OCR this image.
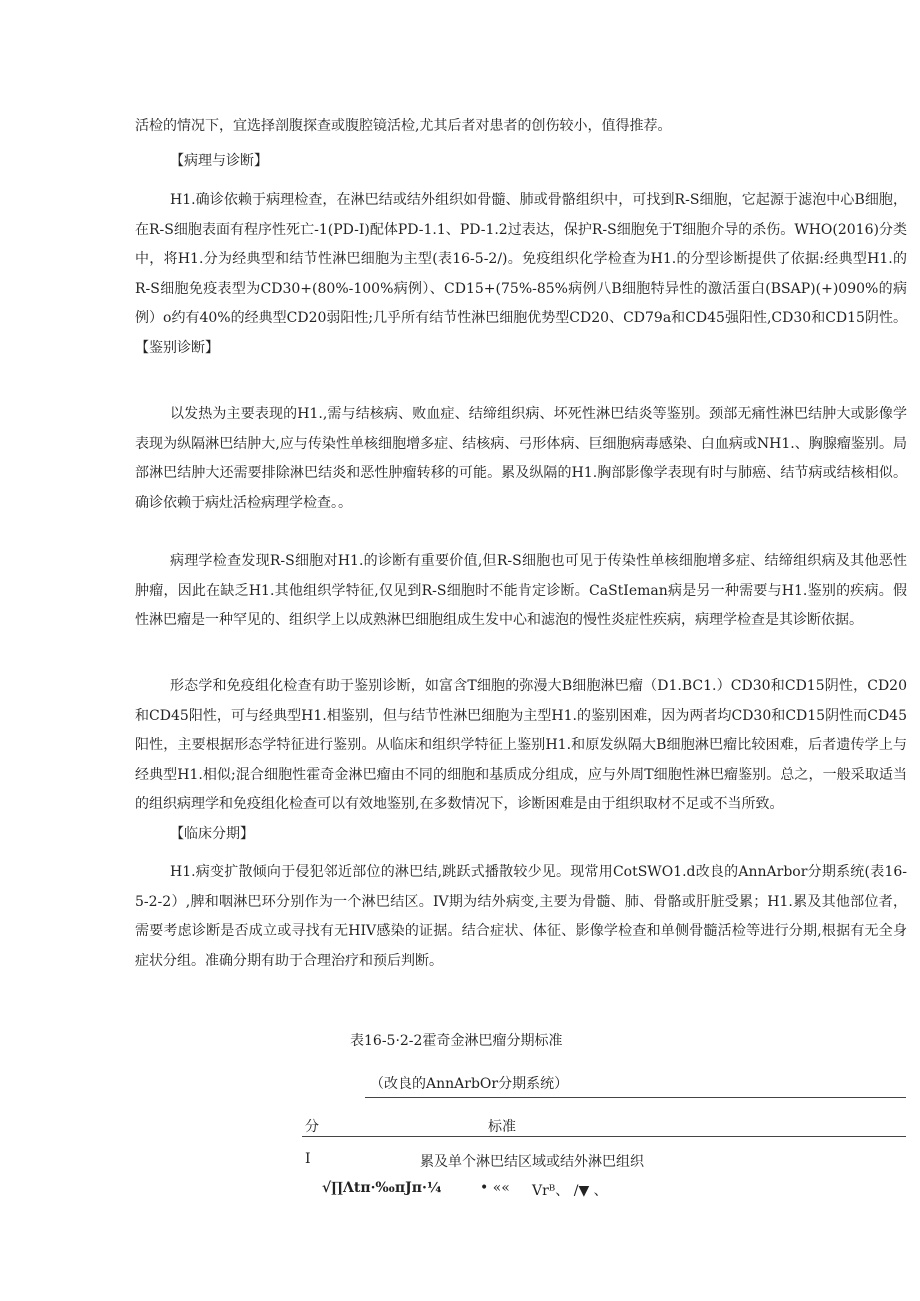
活检的情况下，宜选择剖腹探查或腹腔镜活检,尤其后者对患者的创伤较小，值得推荐。
【病理与诊断】
H1.确诊依赖于病理检查，在淋巴结或结外组织如骨髓、肺或骨骼组织中，可找到R-S细胞，它起源于滤泡中心B细胞，在R-S细胞表面有程序性死亡-1(PD-I)配体PD-1.1、PD-1.2过表达，保护R-S细胞免于T细胞介导的杀伤。WHO(2016)分类中，将H1.分为经典型和结节性淋巴细胞为主型(表16-5-2/)。免疫组织化学检查为H1.的分型诊断提供了依据:经典型H1.的R-S细胞免疫表型为CD30+(80%-100%病例）、CD15+(75%-85%病例八B细胞特异性的激活蛋白(BSAP)(+)090%的病例）o约有40%的经典型CD20弱阳性;几乎所有结节性淋巴细胞优势型CD20、CD79a和CD45强阳性,CD30和CD15阴性。【鉴别诊断】
以发热为主要表现的H1.,需与结核病、败血症、结缔组织病、坏死性淋巴结炎等鉴别。颈部无痛性淋巴结肿大或影像学表现为纵隔淋巴结肿大,应与传染性单核细胞增多症、结核病、弓形体病、巨细胞病毒感染、白血病或NH1.、胸腺瘤鉴别。局部淋巴结肿大还需要排除淋巴结炎和恶性肿瘤转移的可能。累及纵隔的H1.胸部影像学表现有时与肺癌、结节病或结核相似。确诊依赖于病灶活检病理学检查。。
病理学检查发现R-S细胞对H1.的诊断有重要价值,但R-S细胞也可见于传染性单核细胞增多症、结缔组织病及其他恶性肿瘤，因此在缺乏H1.其他组织学特征,仅见到R-S细胞时不能肯定诊断。CaStIeman病是另一种需要与H1.鉴别的疾病。假性淋巴瘤是一种罕见的、组织学上以成熟淋巴细胞组成生发中心和滤泡的慢性炎症性疾病，病理学检查是其诊断依据。
形态学和免疫组化检查有助于鉴别诊断，如富含T细胞的弥漫大B细胞淋巴瘤（D1.BC1.）CD30和CD15阴性，CD20和CD45阳性，可与经典型H1.相鉴别，但与结节性淋巴细胞为主型H1.的鉴别困难，因为两者均CD30和CD15阴性而CD45阳性，主要根据形态学特征进行鉴别。从临床和组织学特征上鉴别H1.和原发纵隔大B细胞淋巴瘤比较困难，后者遗传学上与经典型H1.相似;混合细胞性霍奇金淋巴瘤由不同的细胞和基质成分组成，应与外周T细胞性淋巴瘤鉴别。总之，一般采取适当的组织病理学和免疫组化检查可以有效地鉴别,在多数情况下，诊断困难是由于组织取材不足或不当所致。
【临床分期】
H1.病变扩散倾向于侵犯邻近部位的淋巴结,跳跃式播散较少见。现常用CotSWO1.d改良的AnnArbor分期系统(表16-5-2-2）,脾和咽淋巴环分别作为一个淋巴结区。IV期为结外病变,主要为骨髓、肺、骨骼或肝脏受累；H1.累及其他部位者，需要考虑诊断是否成立或寻找有无HIV感染的证据。结合症状、体征、影像学检查和单侧骨髓活检等进行分期,根据有无全身症状分组。准确分期有助于合理治疗和预后判断。
表16-5·2-2霍奇金淋巴瘤分期标准
（改良的AnnArbOr分期系统）
分	标准
I	累及单个淋巴结区域或结外淋巴组织
√∏Λtπ·‰πJπ·¼	• «« Vrᴮ、 /▼ 、
